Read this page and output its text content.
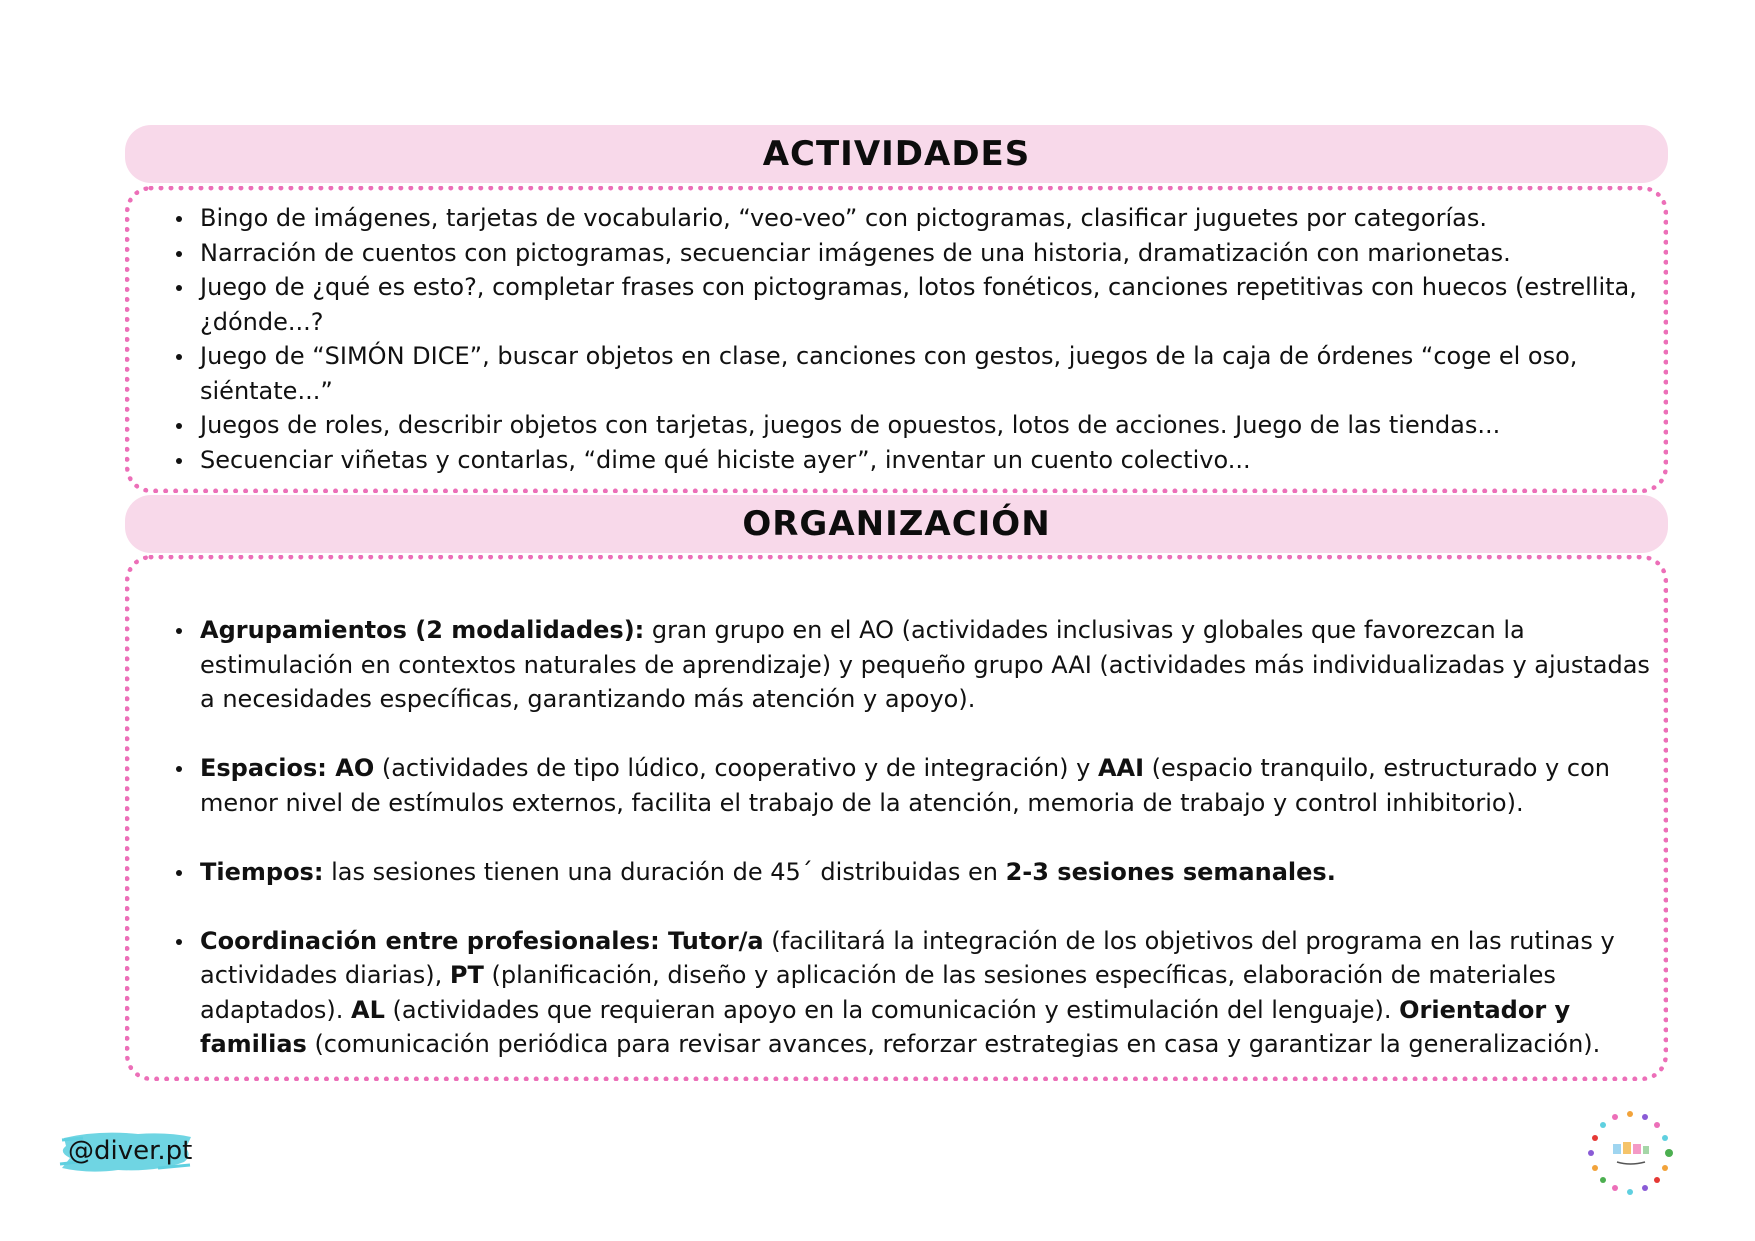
ACTIVIDADES
Bingo de imágenes, tarjetas de vocabulario, “veo-veo” con pictogramas, clasificar juguetes por categorías.
Narración de cuentos con pictogramas, secuenciar imágenes de una historia, dramatización con marionetas.
Juego de ¿qué es esto?, completar frases con pictogramas, lotos fonéticos, canciones repetitivas con huecos (estrellita, ¿dónde...?
Juego de “SIMÓN DICE”, buscar objetos en clase, canciones con gestos, juegos de la caja de órdenes “coge el oso, siéntate...”
Juegos de roles, describir objetos con tarjetas, juegos de opuestos, lotos de acciones. Juego de las tiendas...
Secuenciar viñetas y contarlas, “dime qué hiciste ayer”, inventar un cuento colectivo...
ORGANIZACIÓN
Agrupamientos (2 modalidades): gran grupo en el AO (actividades inclusivas y globales que favorezcan la estimulación en contextos naturales de aprendizaje) y pequeño grupo AAI (actividades más individualizadas y ajustadas a necesidades específicas, garantizando más atención y apoyo).
Espacios: AO (actividades de tipo lúdico, cooperativo y de integración) y AAI (espacio tranquilo, estructurado y con menor nivel de estímulos externos, facilita el trabajo de la atención, memoria de trabajo y control inhibitorio).
Tiempos: las sesiones tienen una duración de 45´ distribuidas en 2-3 sesiones semanales.
Coordinación entre profesionales: Tutor/a (facilitará la integración de los objetivos del programa en las rutinas y actividades diarias), PT (planificación, diseño y aplicación de las sesiones específicas, elaboración de materiales adaptados). AL (actividades que requieran apoyo en la comunicación y estimulación del lenguaje). Orientador y familias (comunicación periódica para revisar avances, reforzar estrategias en casa y garantizar la generalización).
@diver.pt
